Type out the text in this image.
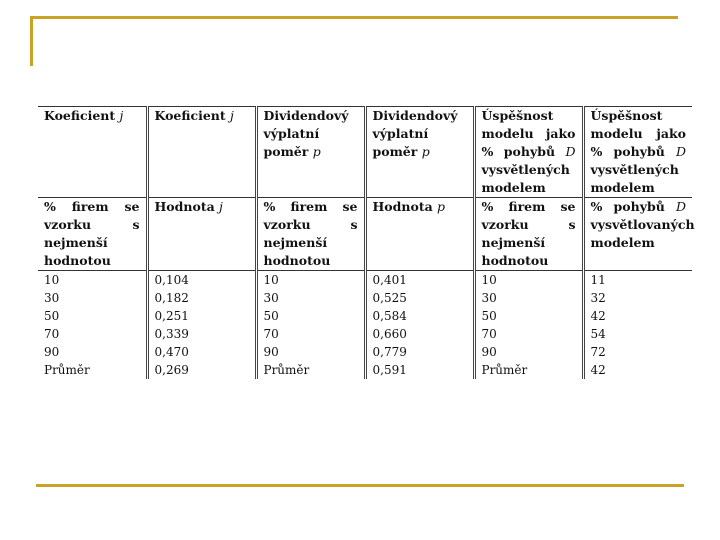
Koeficient j	Koeficient j	Dividendový výplatní poměr p	Dividendový výplatní poměr p	Úspěšnost modelu jako % pohybů D vysvětlených modelem	Úspěšnost modelu jako % pohybů D vysvětlených modelem
% firem se vzorku s nejmenší hodnotou	Hodnota j	% firem se vzorku s nejmenší hodnotou	Hodnota p	% firem se vzorku s nejmenší hodnotou	% pohybů D vysvětlovaných modelem
10	0,104	10	0,401	10	11
30	0,182	30	0,525	30	32
50	0,251	50	0,584	50	42
70	0,339	70	0,660	70	54
90	0,470	90	0,779	90	72
Průměr	0,269	Průměr	0,591	Průměr	42
